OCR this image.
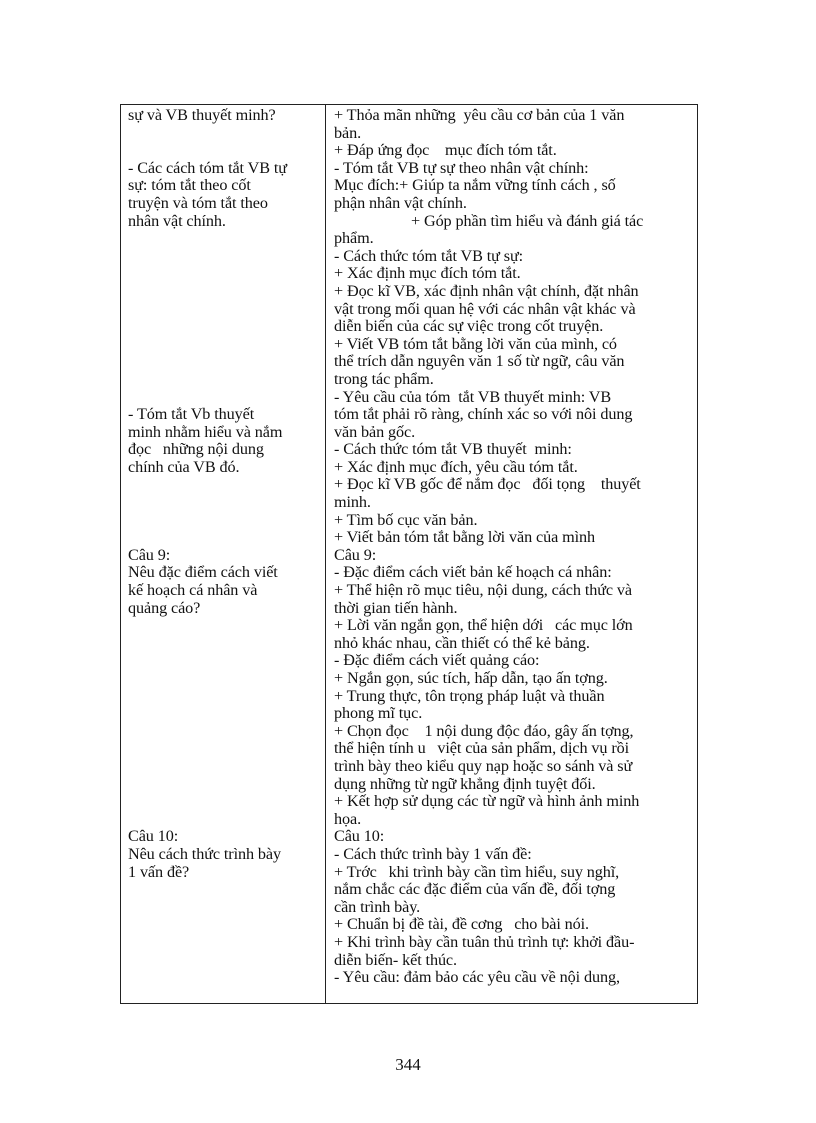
sự và VB thuyết minh?
- Các cách tóm tắt VB tự
sự: tóm tắt theo cốt
truyện và tóm tắt theo
nhân vật chính.
- Tóm tắt Vb thuyết
minh nhằm hiểu và nắm
đọc   những nội dung
chính của VB đó.
Câu 9:
Nêu đặc điểm cách viết
kế hoạch cá nhân và
quảng cáo?
Câu 10:
Nêu cách thức trình bày
1 vấn đề?

+ Thỏa mãn những  yêu cầu cơ bản của 1 văn
bản.
+ Đáp ứng đọc    mục đích tóm tắt.
- Tóm tắt VB tự sự theo nhân vật chính:
Mục đích:+ Giúp ta nắm vững tính cách , số
phận nhân vật chính.
+ Góp phần tìm hiểu và đánh giá tác
phẩm.
- Cách thức tóm tắt VB tự sự:
+ Xác định mục đích tóm tắt.
+ Đọc kĩ VB, xác định nhân vật chính, đặt nhân
vật trong mối quan hệ với các nhân vật khác và
diễn biến của các sự việc trong cốt truyện.
+ Viết VB tóm tắt bằng lời văn của mình, có
thể trích dẫn nguyên văn 1 số từ ngữ, câu văn
trong tác phẩm.
- Yêu cầu của tóm  tắt VB thuyết minh: VB
tóm tắt phải rõ ràng, chính xác so với nôi dung
văn bản gốc.
- Cách thức tóm tắt VB thuyết  minh:
+ Xác định mục đích, yêu cầu tóm tắt.
+ Đọc kĩ VB gốc để nắm đọc   đối tọng    thuyết
minh.
+ Tìm bố cục văn bản.
+ Viết bản tóm tắt bằng lời văn của mình
Câu 9:
- Đặc điểm cách viết bản kế hoạch cá nhân:
+ Thể hiện rõ mục tiêu, nội dung, cách thức và
thời gian tiến hành.
+ Lời văn ngắn gọn, thể hiện dới   các mục lớn
nhỏ khác nhau, cần thiết có thể kẻ bảng.
- Đặc điểm cách viết quảng cáo:
+ Ngắn gọn, súc tích, hấp dẫn, tạo ấn tợng.
+ Trung thực, tôn trọng pháp luật và thuần
phong mĩ tục.
+ Chọn đọc    1 nội dung độc đáo, gây ấn tợng,
thể hiện tính u   việt của sản phẩm, dịch vụ rồi
trình bày theo kiểu quy nạp hoặc so sánh và sử
dụng những từ ngữ khẳng định tuyệt đối.
+ Kết hợp sử dụng các từ ngữ và hình ảnh minh
họa.
Câu 10:
- Cách thức trình bày 1 vấn đề:
+ Trớc   khi trình bày cần tìm hiểu, suy nghĩ,
nắm chắc các đặc điểm của vấn đề, đối tợng
cần trình bày.
+ Chuẩn bị đề tài, đề cơng   cho bài nói.
+ Khi trình bày cần tuân thủ trình tự: khởi đầu-
diễn biến- kết thúc.
- Yêu cầu: đảm bảo các yêu cầu về nội dung,
344
